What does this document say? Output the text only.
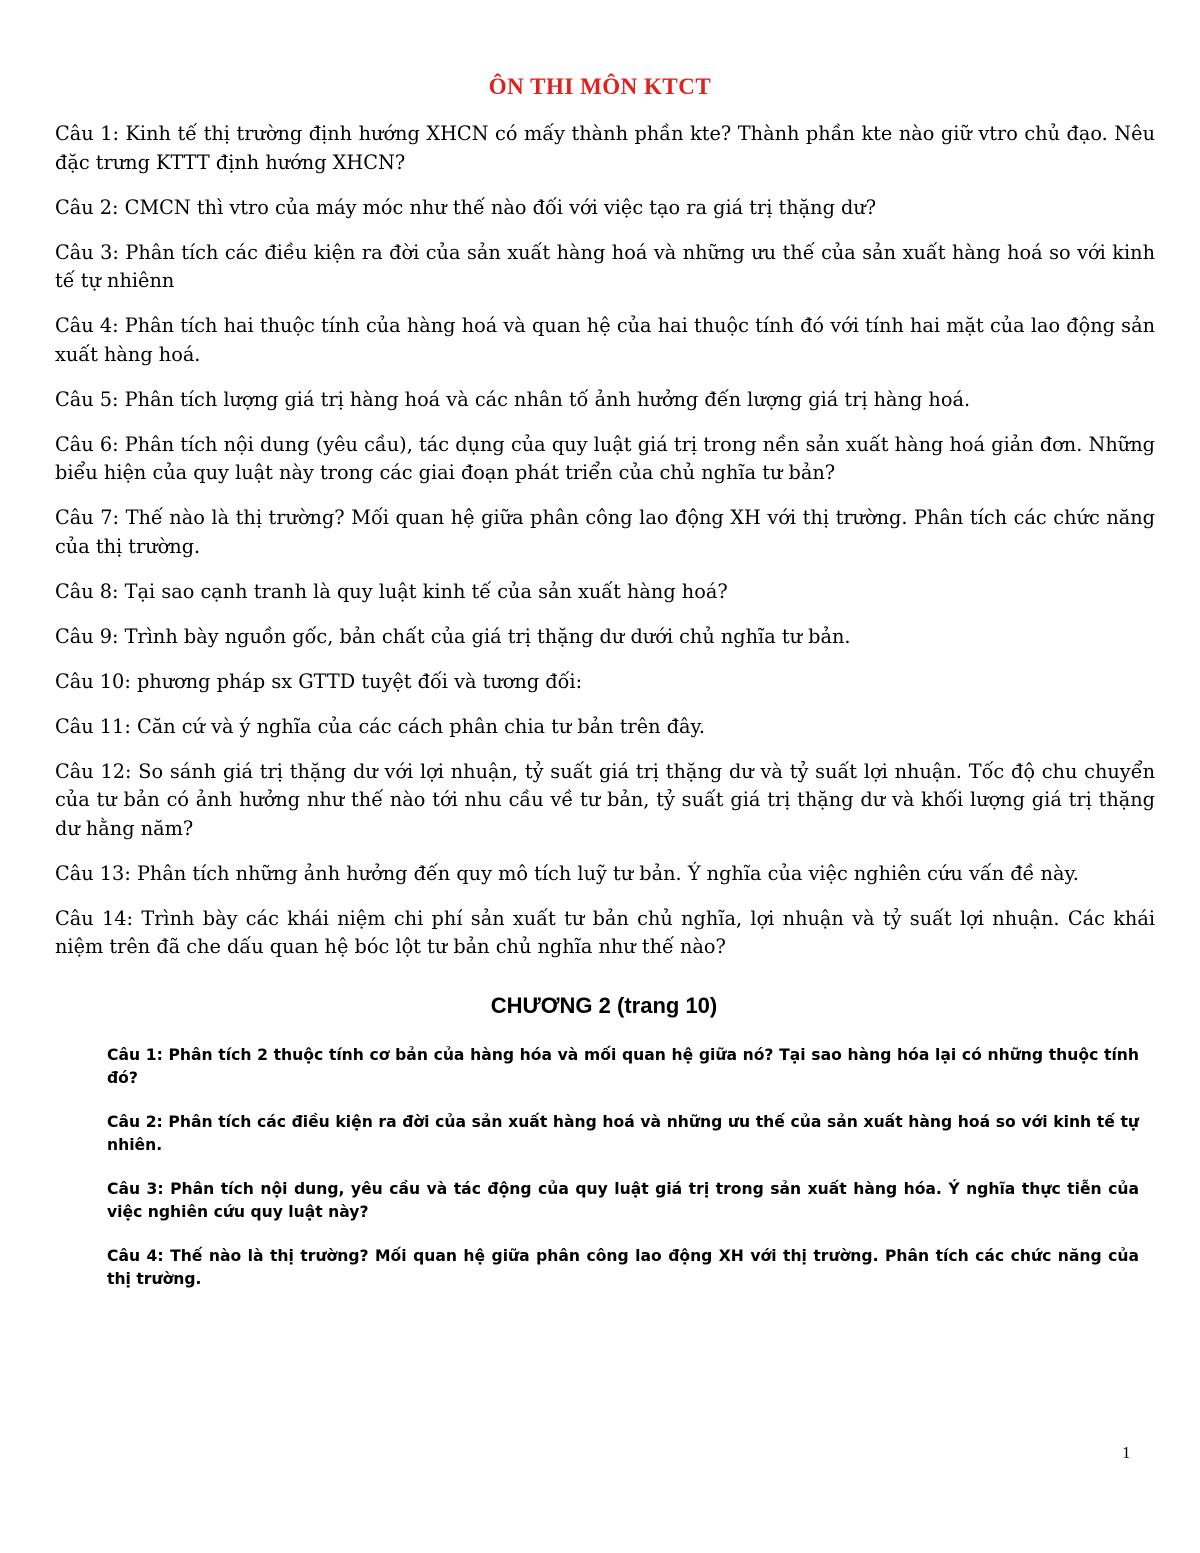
ÔN THI MÔN KTCT

Câu 1: Kinh tế thị trường định hướng XHCN có mấy thành phần kte? Thành phần kte nào giữ vtro chủ đạo. Nêu đặc trưng KTTT định hướng XHCN?

Câu 2: CMCN thì vtro của máy móc như thế nào đối với việc tạo ra giá trị thặng dư?

Câu 3: Phân tích các điều kiện ra đời của sản xuất hàng hoá và những ưu thế của sản xuất hàng hoá so với kinh tế tự nhiênn

Câu 4: Phân tích hai thuộc tính của hàng hoá và quan hệ của hai thuộc tính đó với tính hai mặt của lao động sản xuất hàng hoá.

Câu 5: Phân tích lượng giá trị hàng hoá và các nhân tố ảnh hưởng đến lượng giá trị hàng hoá.

Câu 6: Phân tích nội dung (yêu cầu), tác dụng của quy luật giá trị trong nền sản xuất hàng hoá giản đơn. Những biểu hiện của quy luật này trong các giai đoạn phát triển của chủ nghĩa tư bản?

Câu 7: Thế nào là thị trường? Mối quan hệ giữa phân công lao động XH với thị trường. Phân tích các chức năng của thị trường.

Câu 8: Tại sao cạnh tranh là quy luật kinh tế của sản xuất hàng hoá?

Câu 9: Trình bày nguồn gốc, bản chất của giá trị thặng dư dưới chủ nghĩa tư bản.

Câu 10: phương pháp sx GTTD tuyệt đối và tương đối:

Câu 11: Căn cứ và ý nghĩa của các cách phân chia tư bản trên đây.

Câu 12: So sánh giá trị thặng dư với lợi nhuận, tỷ suất giá trị thặng dư và tỷ suất lợi nhuận. Tốc độ chu chuyển của tư bản có ảnh hưởng như thế nào tới nhu cầu về tư bản, tỷ suất giá trị thặng dư và khối lượng giá trị thặng dư hằng năm?

Câu 13: Phân tích những ảnh hưởng đến quy mô tích luỹ tư bản. Ý nghĩa của việc nghiên cứu vấn đề này.

Câu 14: Trình bày các khái niệm chi phí sản xuất tư bản chủ nghĩa, lợi nhuận và tỷ suất lợi nhuận. Các khái niệm trên đã che dấu quan hệ bóc lột tư bản chủ nghĩa như thế nào?

CHƯƠNG 2 (trang 10)

Câu 1: Phân tích 2 thuộc tính cơ bản của hàng hóa và mối quan hệ giữa nó? Tại sao hàng hóa lại có những thuộc tính đó?

Câu 2: Phân tích các điều kiện ra đời của sản xuất hàng hoá và những ưu thế của sản xuất hàng hoá so với kinh tế tự nhiên.

Câu 3: Phân tích nội dung, yêu cầu và tác động của quy luật giá trị trong sản xuất hàng hóa. Ý nghĩa thực tiễn của việc nghiên cứu quy luật này?

Câu 4: Thế nào là thị trường? Mối quan hệ giữa phân công lao động XH với thị trường. Phân tích các chức năng của thị trường.

1
